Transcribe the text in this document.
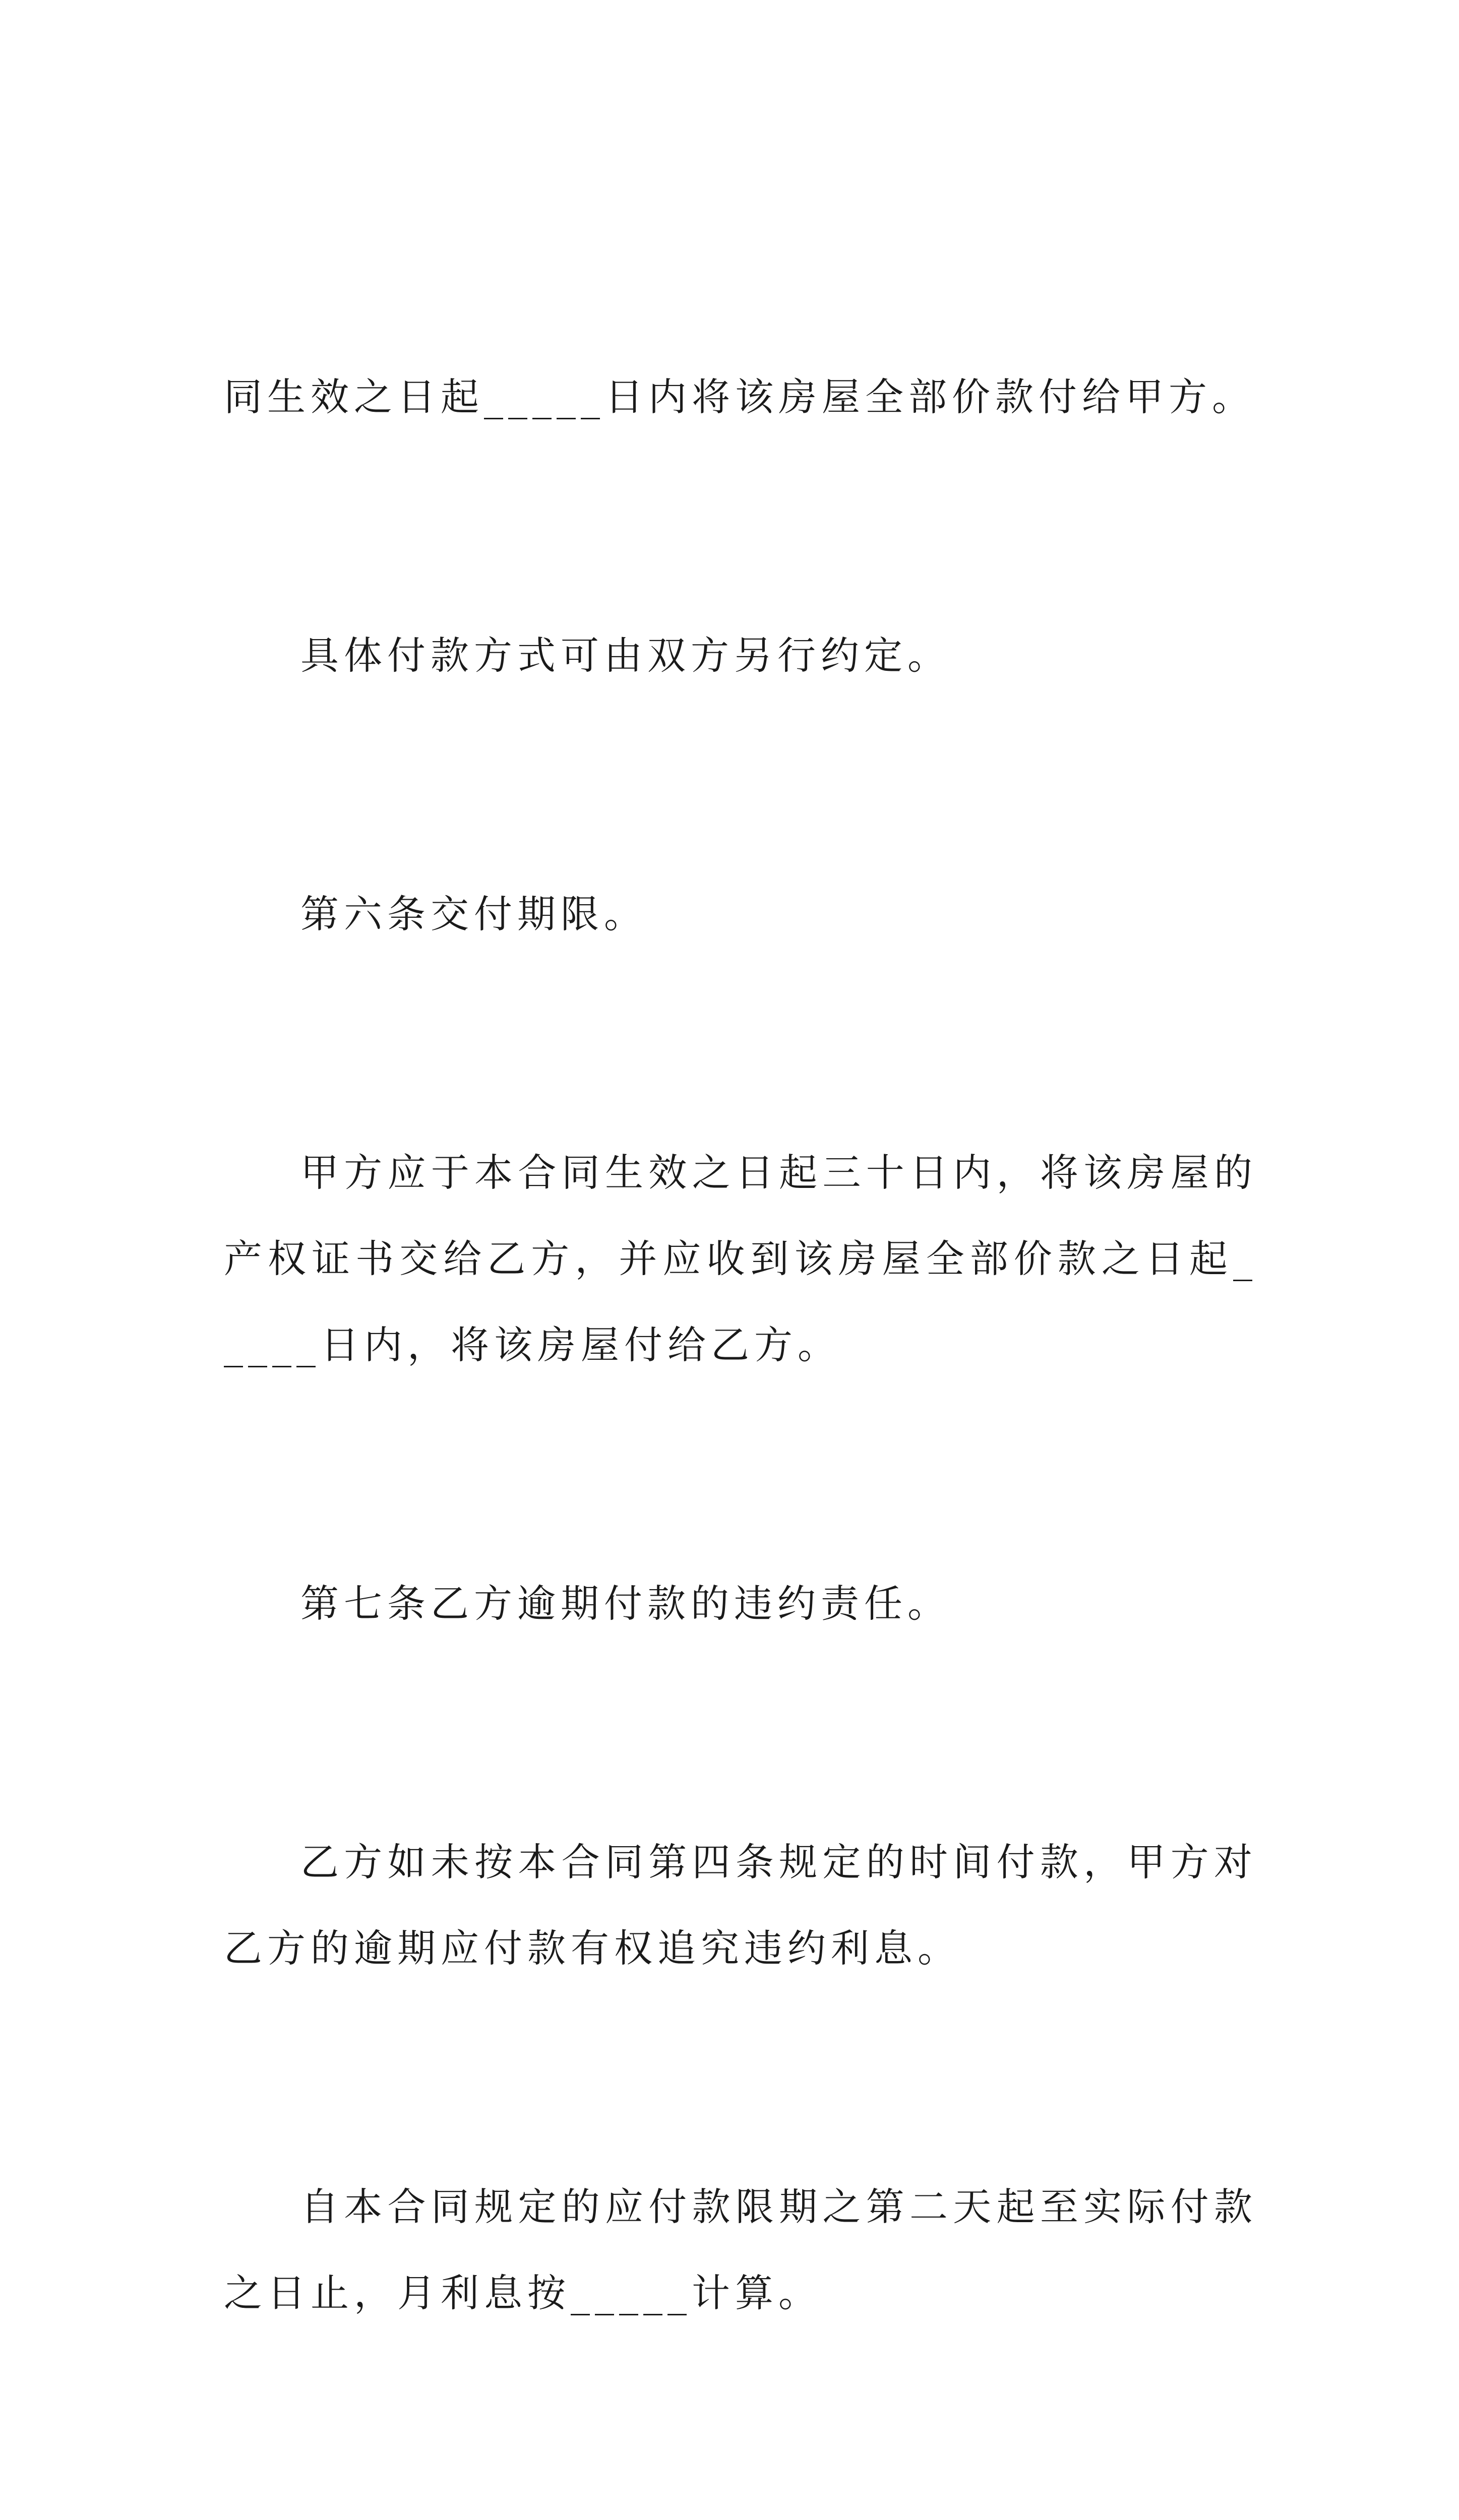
同生效之日起_____日内将该房屋全部价款付给甲方。

具体付款方式可由双方另行约定。

第六条交付期限。

甲方应于本合同生效之日起三十日内，将该房屋的产权证书交给乙方，并应收到该房屋全部价款之日起_____日内，将该房屋付给乙方。

第七条乙方逾期付款的违约责任。

乙方如未按本合同第四条规定的时间付款，甲方对乙方的逾期应付款有权追究违约利息。

自本合同规定的应付款限期之第二天起至实际付款之日止，月利息按_____计算。
